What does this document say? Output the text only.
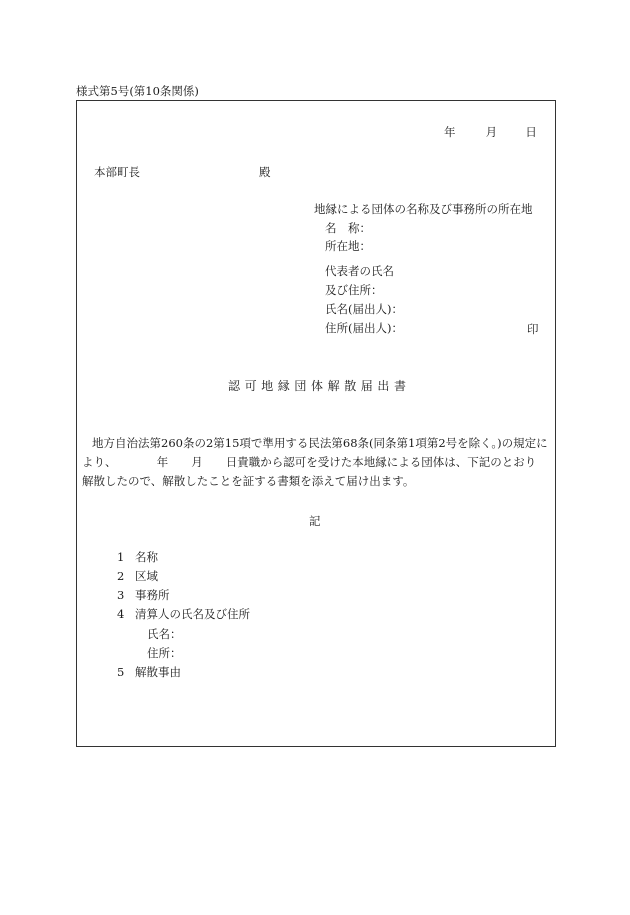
様式第5号(第10条関係)
年	月 日
本部町長	殿
地縁による団体の名称及び事務所の所在地
名　称：
所在地：
代表者の氏名
及び住所：
氏名(届出人)：
住所(届出人)：	印
認可地縁団体解散届出書
地方自治法第260条の2第15項で準用する民法第68条(同条第1項第2号を除く。)の規定に
より、　　　　年　　月　　日貴職から認可を受けた本地縁による団体は、下記のとおり
解散したので、解散したことを証する書類を添えて届け出ます。
記
1 名称
2 区域
3 事務所
4 清算人の氏名及び住所
氏名：
住所：
5 解散事由
